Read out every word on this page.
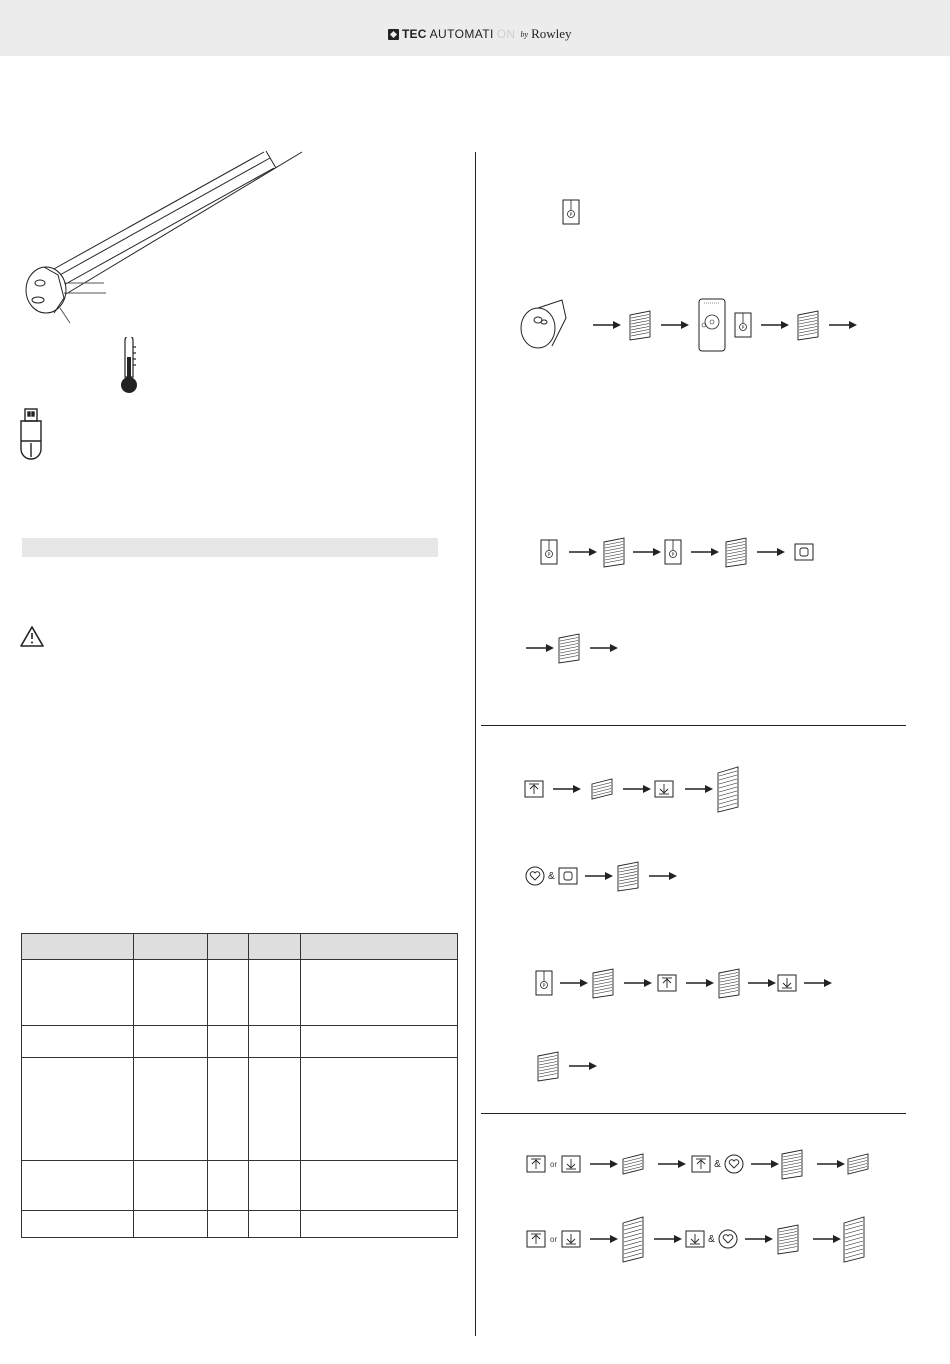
TEC AUTOMATI ON by Rowley

&
or	&
or	&
